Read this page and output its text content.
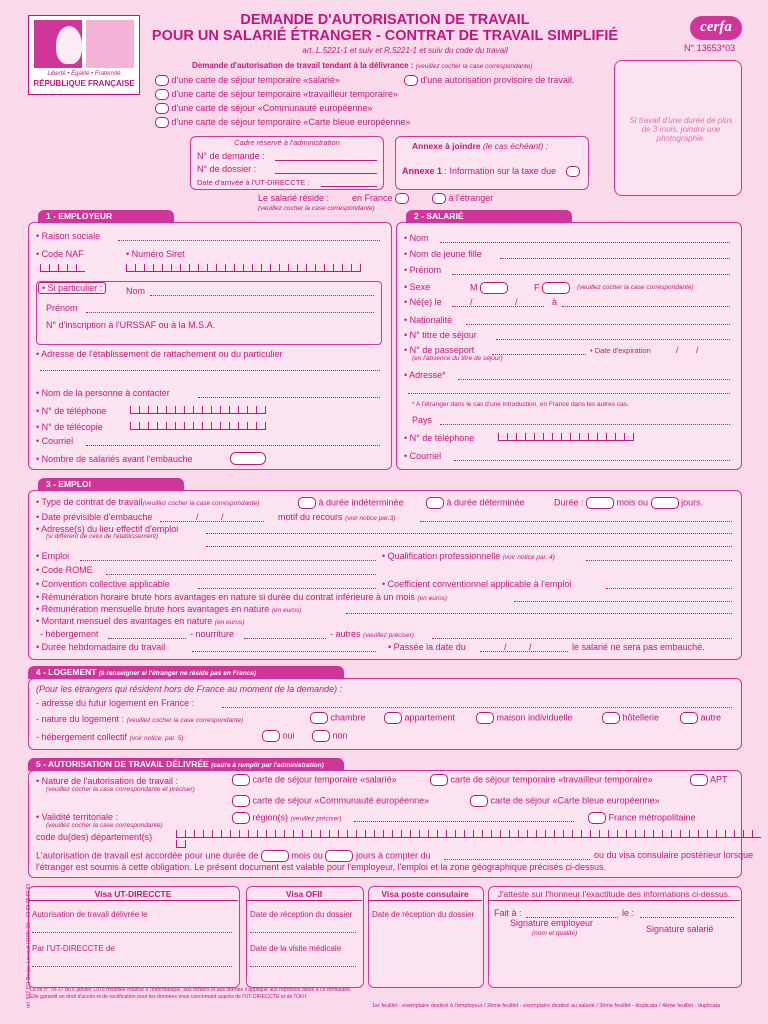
Liberté • Égalité • Fraternité
RÉPUBLIQUE FRANÇAISE
DEMANDE D'AUTORISATION DE TRAVAIL
POUR UN SALARIÉ ÉTRANGER - CONTRAT DE TRAVAIL SIMPLIFIÉ
art. L.5221-1 et suiv et R.5221-1 et suiv du code du travail
cerfa
N° 13653*03
Demande d'autorisation de travail tendant à la délivrance : (veuillez cocher la case correspondante)
d'une carte de séjour temporaire «salarié»
d'une carte de séjour temporaire «travailleur temporaire»
d'une carte de séjour «Communauté européenne»
d'une carte de séjour temporaire «Carte bleue européenne»
d'une autorisation provisoire de travail.
Si travail d'une durée de plus de 3 mois, joindre une photographie.
Cadre réservé à l'administration
N° de demande :
N° de dossier :
Date d'arrivée à l'UT-DIRECCTE :
Annexe à joindre (le cas échéant) :
Annexe 1 : Information sur la taxe due
Le salarié réside :
(veuillez cocher la case correspondante)
en France	à l'étranger
1 - EMPLOYEUR
• Raison sociale
• Code NAF	• Numéro Siret
• Si particulier :	Nom
Prénom
N° d'inscription à l'URSSAF ou à la M.S.A.
• Adresse de l'établissement de rattachement ou du particulier
• Nom de la personne à contacter
• N° de téléphone
• N° de télécopie
• Courriel
• Nombre de salariés avant l'embauche
2 - SALARIÉ
• Nom
• Nom de jeune fille
• Prénom
• Sexe	M	F	(veuillez cocher la case correspondante)
• Né(e) le	/         /	à
• Nationalité
• N° titre de séjour
• N° de passeport	• Date d'expiration	/       /
(en l'absence du titre de séjour)
• Adresse*
* A l'étranger dans le cas d'une introduction, en France dans les autres cas.
Pays
• N° de téléphone
• Courriel
3 - EMPLOI
• Type de contrat de travail(veuillez cocher la case correspondante)	à durée indéterminée	à durée déterminée	Durée :	mois ou	jours.
• Date prévisible d'embauche	/         /	motif du recours (voir notice par.3)
• Adresse(s) du lieu effectif d'emploi
(si différent de celui de l'établissement)
• Emploi	• Qualification professionnelle (voir notice par. 4)
• Code ROME
• Convention collective applicable	• Coefficient conventionnel applicable à l'emploi
• Rémunération horaire brute hors avantages en nature si durée du contrat inférieure à un mois (en euros)
• Rémunération mensuelle brute hors avantages en nature (en euros)
• Montant mensuel des avantages en nature (en euros)
- hébergement	- nourriture	- autres (veuillez préciser)
• Durée hebdomadaire du travail	• Passée la date du	/         /	le salarié ne sera pas embauché.
4 - LOGEMENT (à renseigner si l'étranger ne réside pas en France)
(Pour les étrangers qui résident hors de France au moment de la demande) :
- adresse du futur logement en France :
- nature du logement : (veuillez cocher la case correspondante)	chambre	appartement	maison individuelle	hôtellerie	autre
- hébergement collectif (voir notice, par. 5)	oui	non
5 - AUTORISATION DE TRAVAIL DÉLIVRÉE (cadre à remplir par l'administration)
• Nature de l'autorisation de travail :
(veuillez cocher la case correspondante et préciser)
carte de séjour temporaire «salarié»	carte de séjour temporaire «travailleur temporaire»	APT
carte de séjour «Communauté européenne»	carte de séjour «Carte bleue européenne»
• Validité territoriale :
(veuillez cocher la case correspondante)
région(s) (veuillez préciser)	France métropolitaine
code du(des) département(s)
L'autorisation de travail est accordée pour une durée de	mois ou	jours à compter du	ou du visa consulaire postérieur lorsque
l'étranger est soumis à cette obligation. Le présent document est valable pour l'employeur, l'emploi et la zone géographique précisés ci-dessus.
Visa UT-DIRECCTE
Autorisation de travail délivrée le
Par l'UT-DIRECCTE de
Visa OFII
Date de réception du dossier
Date de la visite médicale
Visa poste consulaire
Date de réception du dossier
J'atteste sur l'honneur l'exactitude des informations ci-dessus.
Fait à :	le :
Signature employeur
(nom et qualité)	Signature salarié
La loi n° 78-17 du 6 janvier 1978 modifiée relative à l'informatique, aux fichiers et aux libertés s'applique aux réponses faites à ce formulaire.
Elle garantit un droit d'accès et de rectification pour les données vous concernant auprès de l'UT-DIRECCTE et de l'OFII.
1er feuillet - exemplaire destiné à l'employeur / 2ème feuillet - exemplaire destiné au salarié / 3ème feuillet - duplicata / 4ème feuillet - duplicata
réf. 502 151 Berger-Levrault (1105) 3d. - 03 83 38 83 83
